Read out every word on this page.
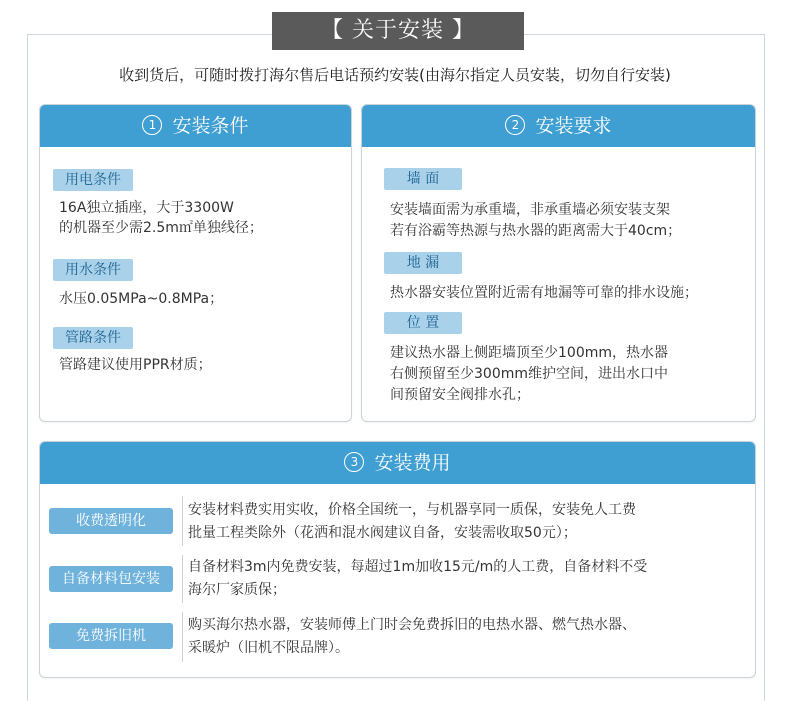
【 关于安装 】
收到货后，可随时拨打海尔售后电话预约安装(由海尔指定人员安装，切勿自行安装)
1 安装条件
用电条件
16A独立插座，大于3300W
的机器至少需2.5m㎡单独线径；
用水条件
水压0.05MPa~0.8MPa；
管路条件
管路建议使用PPR材质；
2 安装要求
墙 面
安装墙面需为承重墙，非承重墙必须安装支架
若有浴霸等热源与热水器的距离需大于40cm；
地 漏
热水器安装位置附近需有地漏等可靠的排水设施；
位 置
建议热水器上侧距墙顶至少100mm，热水器
右侧预留至少300mm维护空间，进出水口中
间预留安全阀排水孔；
3 安装费用
收费透明化
安装材料费实用实收，价格全国统一，与机器享同一质保，安装免人工费
批量工程类除外（花洒和混水阀建议自备，安装需收取50元）；
自备材料包安装
自备材料3m内免费安装，每超过1m加收15元/m的人工费，自备材料不受
海尔厂家质保；
免费拆旧机
购买海尔热水器，安装师傅上门时会免费拆旧的电热水器、燃气热水器、
采暖炉（旧机不限品牌）。
